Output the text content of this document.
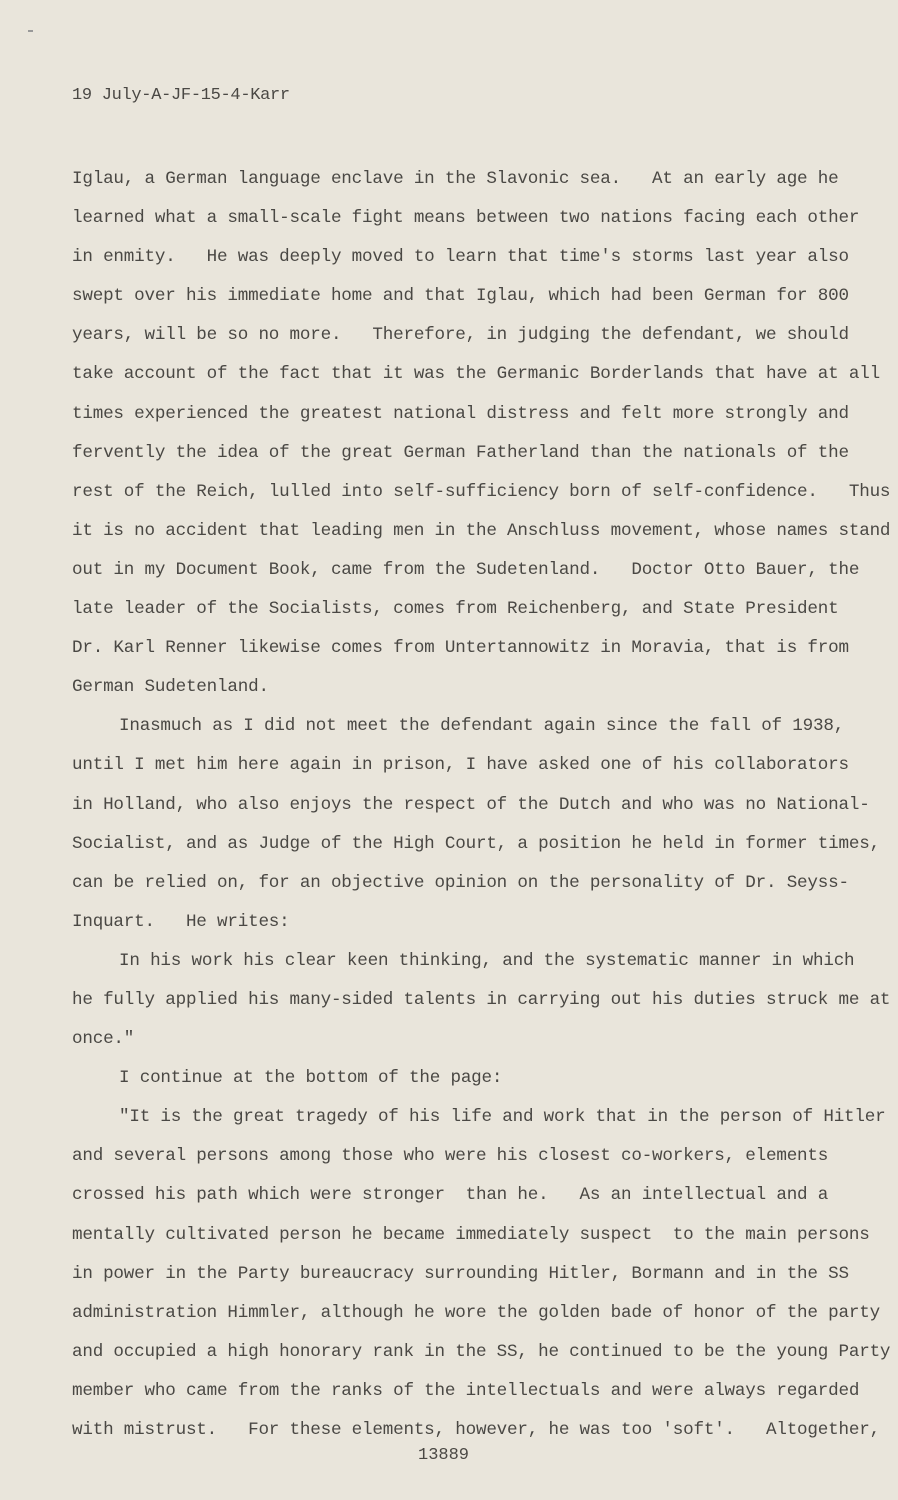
19 July-A-JF-15-4-Karr
Iglau, a German language enclave in the Slavonic sea.   At an early age he
learned what a small-scale fight means between two nations facing each other
in enmity.   He was deeply moved to learn that time's storms last year also
swept over his immediate home and that Iglau, which had been German for 800
years, will be so no more.   Therefore, in judging the defendant, we should
take account of the fact that it was the Germanic Borderlands that have at all
times experienced the greatest national distress and felt more strongly and
fervently the idea of the great German Fatherland than the nationals of the
rest of the Reich, lulled into self-sufficiency born of self-confidence.   Thus
it is no accident that leading men in the Anschluss movement, whose names stand
out in my Document Book, came from the Sudetenland.   Doctor Otto Bauer, the
late leader of the Socialists, comes from Reichenberg, and State President
Dr. Karl Renner likewise comes from Untertannowitz in Moravia, that is from
German Sudetenland.
Inasmuch as I did not meet the defendant again since the fall of 1938,
until I met him here again in prison, I have asked one of his collaborators
in Holland, who also enjoys the respect of the Dutch and who was no National-
Socialist, and as Judge of the High Court, a position he held in former times,
can be relied on, for an objective opinion on the personality of Dr. Seyss-
Inquart.   He writes:
In his work his clear keen thinking, and the systematic manner in which
he fully applied his many-sided talents in carrying out his duties struck me at
once."
I continue at the bottom of the page:
"It is the great tragedy of his life and work that in the person of Hitler
and several persons among those who were his closest co-workers, elements
crossed his path which were stronger  than he.   As an intellectual and a
mentally cultivated person he became immediately suspect  to the main persons
in power in the Party bureaucracy surrounding Hitler, Bormann and in the SS
administration Himmler, although he wore the golden bade of honor of the party
and occupied a high honorary rank in the SS, he continued to be the young Party
member who came from the ranks of the intellectuals and were always regarded
with mistrust.   For these elements, however, he was too 'soft'.   Altogether,
13889
